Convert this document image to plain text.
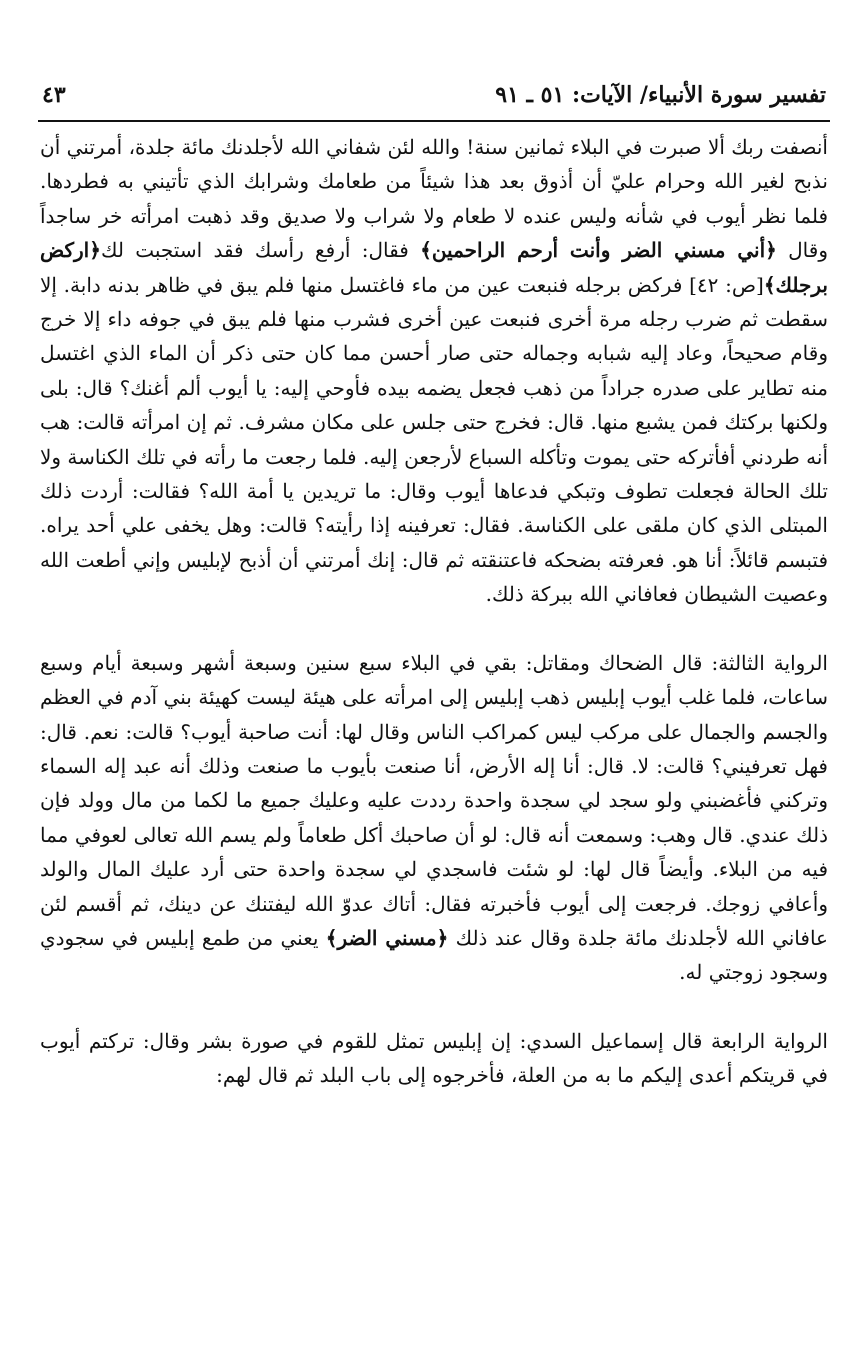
تفسير سورة الأنبياء/ الآيات: ٥١ ـ ٩١
٤٣

أنصفت ربك ألا صبرت في البلاء ثمانين سنة! والله لئن شفاني الله لأجلدنك مائة جلدة، أمرتني أن نذبح لغير الله وحرام عليّ أن أذوق بعد هذا شيئاً من طعامك وشرابك الذي تأتيني به فطردها. فلما نظر أيوب في شأنه وليس عنده لا طعام ولا شراب ولا صديق وقد ذهبت امرأته خر ساجداً وقال ﴿أني مسني الضر وأنت أرحم الراحمين﴾ فقال: أرفع رأسك فقد استجبت لك﴿اركض برجلك﴾[ص: ٤٢] فركض برجله فنبعت عين من ماء فاغتسل منها فلم يبق في ظاهر بدنه دابة. إلا سقطت ثم ضرب رجله مرة أخرى فنبعت عين أخرى فشرب منها فلم يبق في جوفه داء إلا خرج وقام صحيحاً، وعاد إليه شبابه وجماله حتى صار أحسن مما كان حتى ذكر أن الماء الذي اغتسل منه تطاير على صدره جراداً من ذهب فجعل يضمه بيده فأوحي إليه: يا أيوب ألم أغنك؟ قال: بلى ولكنها بركتك فمن يشبع منها. قال: فخرج حتى جلس على مكان مشرف. ثم إن امرأته قالت: هب أنه طردني أفأتركه حتى يموت وتأكله السباع لأرجعن إليه. فلما رجعت ما رأته في تلك الكناسة ولا تلك الحالة فجعلت تطوف وتبكي فدعاها أيوب وقال: ما تريدين يا أمة الله؟ فقالت: أردت ذلك المبتلى الذي كان ملقى على الكناسة. فقال: تعرفينه إذا رأيته؟ قالت: وهل يخفى علي أحد يراه. فتبسم قائلاً: أنا هو. فعرفته بضحكه فاعتنقته ثم قال: إنك أمرتني أن أذبح لإبليس وإني أطعت الله وعصيت الشيطان فعافاني الله ببركة ذلك.

الرواية الثالثة: قال الضحاك ومقاتل: بقي في البلاء سبع سنين وسبعة أشهر وسبعة أيام وسبع ساعات، فلما غلب أيوب إبليس ذهب إبليس إلى امرأته على هيئة ليست كهيئة بني آدم في العظم والجسم والجمال على مركب ليس كمراكب الناس وقال لها: أنت صاحبة أيوب؟ قالت: نعم. قال: فهل تعرفيني؟ قالت: لا. قال: أنا إله الأرض، أنا صنعت بأيوب ما صنعت وذلك أنه عبد إله السماء وتركني فأغضبني ولو سجد لي سجدة واحدة رددت عليه وعليك جميع ما لكما من مال وولد فإن ذلك عندي. قال وهب: وسمعت أنه قال: لو أن صاحبك أكل طعاماً ولم يسم الله تعالى لعوفي مما فيه من البلاء. وأيضاً قال لها: لو شئت فاسجدي لي سجدة واحدة حتى أرد عليك المال والولد وأعافي زوجك. فرجعت إلى أيوب فأخبرته فقال: أتاك عدوّ الله ليفتنك عن دينك، ثم أقسم لئن عافاني الله لأجلدنك مائة جلدة وقال عند ذلك ﴿مسني الضر﴾ يعني من طمع إبليس في سجودي وسجود زوجتي له.

الرواية الرابعة قال إسماعيل السدي: إن إبليس تمثل للقوم في صورة بشر وقال: تركتم أيوب في قريتكم أعدى إليكم ما به من العلة، فأخرجوه إلى باب البلد ثم قال لهم:
